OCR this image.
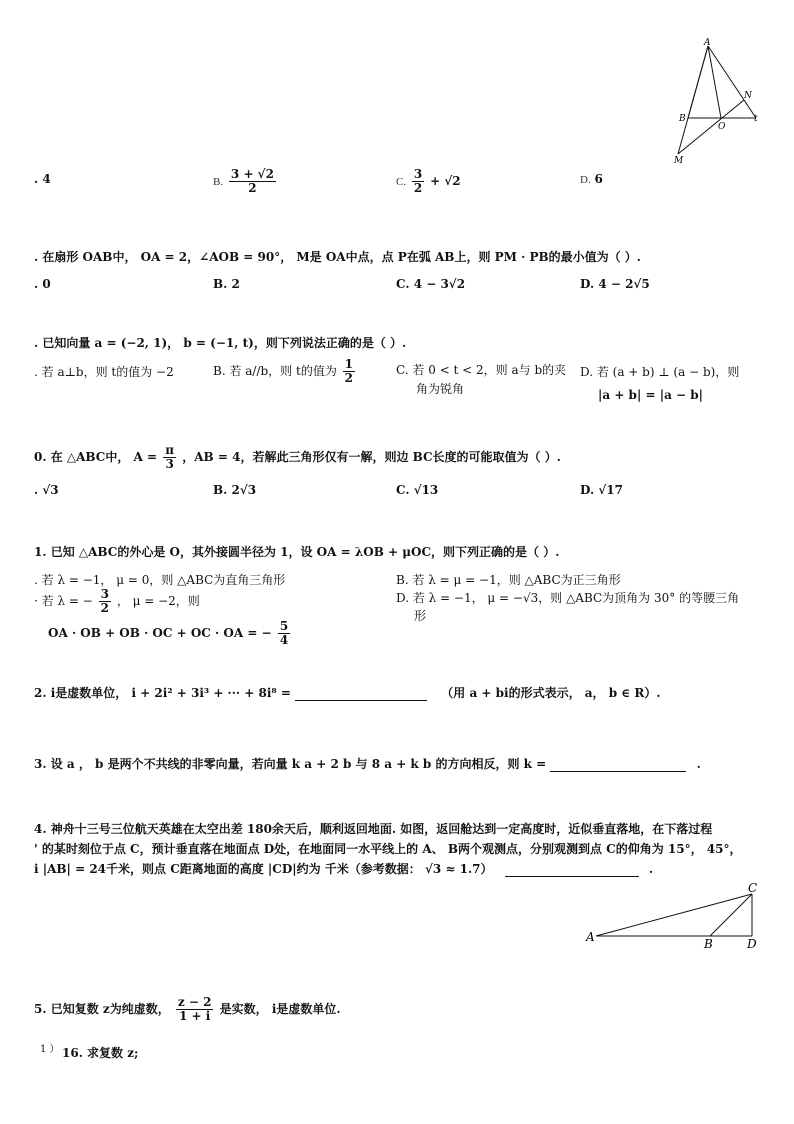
A
N
B
O
M
t
. 4	B. $\frac{3 + √2}{2}$	C. $\frac{3}{2} + √2$	D. 6
. 在扇形 OAB中， OA = 2，∠AOB = 90°， M是 OA中点，点 P在弧 AB上，则 PM · PB的最小值为（ ）.
. 0	B. 2	C. 4 − 3√2	D. 4 − 2√5
. 已知向量 a = (−2, 1)， b = (−1, t)，则下列说法正确的是（ ）.
. 若 a⊥b，则 t的值为 −2	B. 若 a//b，则 t的值为 $\frac{1}{2}$	C. 若 0 < t < 2，则 a与 b的夹
角为锐角
D. 若 (a + b) ⊥ (a − b)，则
|a + b| = |a − b|
0. 在 △ABC中， $A = \frac{\pi}{3}$ ，AB = 4，若解此三角形仅有一解，则边 BC长度的可能取值为（ ）.
. √3	B. 2√3	C. √13	D. √17
1. 已知 △ABC的外心是 O，其外接圆半径为 1，设 OA = λOB + μOC，则下列正确的是（ ）.
. 若 λ = −1， μ = 0，则 △ABC为直角三角形	B. 若 λ = μ = −1，则 △ABC为正三角形
· 若 λ = − $\frac{3}{2}$ ， μ = −2，则
OA · OB + OB · OC + OC · OA = − $\frac{5}{4}$
D. 若 λ = −1， μ = −√3，则 △ABC为顶角为 30° 的等腰三角
形
2. i是虚数单位， i + 2i² + 3i³ + ··· + 8i⁸ =	（用 a + bi的形式表示， a， b ∈ R）.
3. 设 a ， b 是两个不共线的非零向量，若向量 k a + 2 b 与 8 a + k b 的方向相反，则 k =	.
4. 神舟十三号三位航天英雄在太空出差 180余天后，顺利返回地面. 如图，返回舱达到一定高度时，近似垂直落地，在下落过程
' 的某时刻位于点 C，预计垂直落在地面点 D处，在地面同一水平线上的 A、 B两个观测点，分别观测到点 C的仰角为 15°， 45°，
ⅰ |AB| = 24千米，则点 C距离地面的高度 |CD|约为 千米（参考数据： √3 ≈ 1.7）	.
C
A	B	D
5. 已知复数 z为纯虚数， $\frac{z - 2}{1 + i}$ 是实数， i是虚数单位.
1 ） 16. 求复数 z;
